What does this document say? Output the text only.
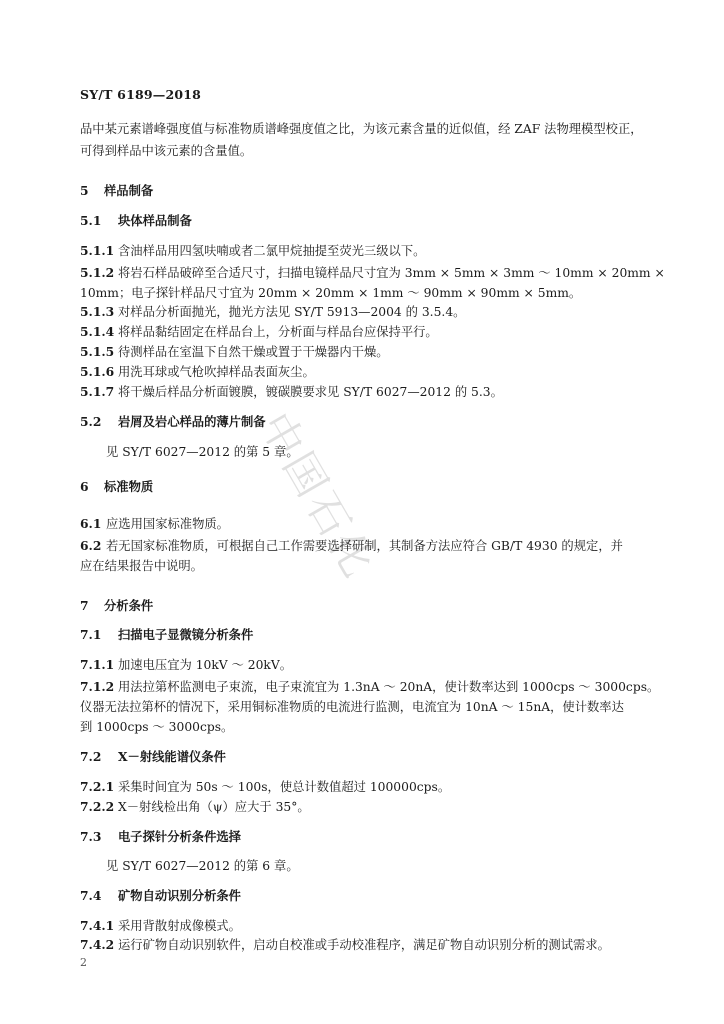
中国石化
SY/T 6189—2018
品中某元素谱峰强度值与标准物质谱峰强度值之比，为该元素含量的近似值，经 ZAF 法物理模型校正，可得到样品中该元素的含量值。
5 样品制备
5.1 块体样品制备
5.1.1 含油样品用四氢呋喃或者二氯甲烷抽提至荧光三级以下。
5.1.2 将岩石样品破碎至合适尺寸，扫描电镜样品尺寸宜为 3mm × 5mm × 3mm ～ 10mm × 20mm ×
10mm；电子探针样品尺寸宜为 20mm × 20mm × 1mm ～ 90mm × 90mm × 5mm。
5.1.3 对样品分析面抛光，抛光方法见 SY/T 5913—2004 的 3.5.4。
5.1.4 将样品黏结固定在样品台上，分析面与样品台应保持平行。
5.1.5 待测样品在室温下自然干燥或置于干燥器内干燥。
5.1.6 用洗耳球或气枪吹掉样品表面灰尘。
5.1.7 将干燥后样品分析面镀膜，镀碳膜要求见 SY/T 6027—2012 的 5.3。
5.2 岩屑及岩心样品的薄片制备
见 SY/T 6027—2012 的第 5 章。
6 标准物质
6.1 应选用国家标准物质。
6.2 若无国家标准物质，可根据自己工作需要选择研制，其制备方法应符合 GB/T 4930 的规定，并
应在结果报告中说明。
7 分析条件
7.1 扫描电子显微镜分析条件
7.1.1 加速电压宜为 10kV ～ 20kV。
7.1.2 用法拉第杯监测电子束流，电子束流宜为 1.3nA ～ 20nA，使计数率达到 1000cps ～ 3000cps。
仪器无法拉第杯的情况下，采用铜标准物质的电流进行监测，电流宜为 10nA ～ 15nA，使计数率达
到 1000cps ～ 3000cps。
7.2 X－射线能谱仪条件
7.2.1 采集时间宜为 50s ～ 100s，使总计数值超过 100000cps。
7.2.2 X－射线检出角（ψ）应大于 35°。
7.3 电子探针分析条件选择
见 SY/T 6027—2012 的第 6 章。
7.4 矿物自动识别分析条件
7.4.1 采用背散射成像模式。
7.4.2 运行矿物自动识别软件，启动自校准或手动校准程序，满足矿物自动识别分析的测试需求。
2
